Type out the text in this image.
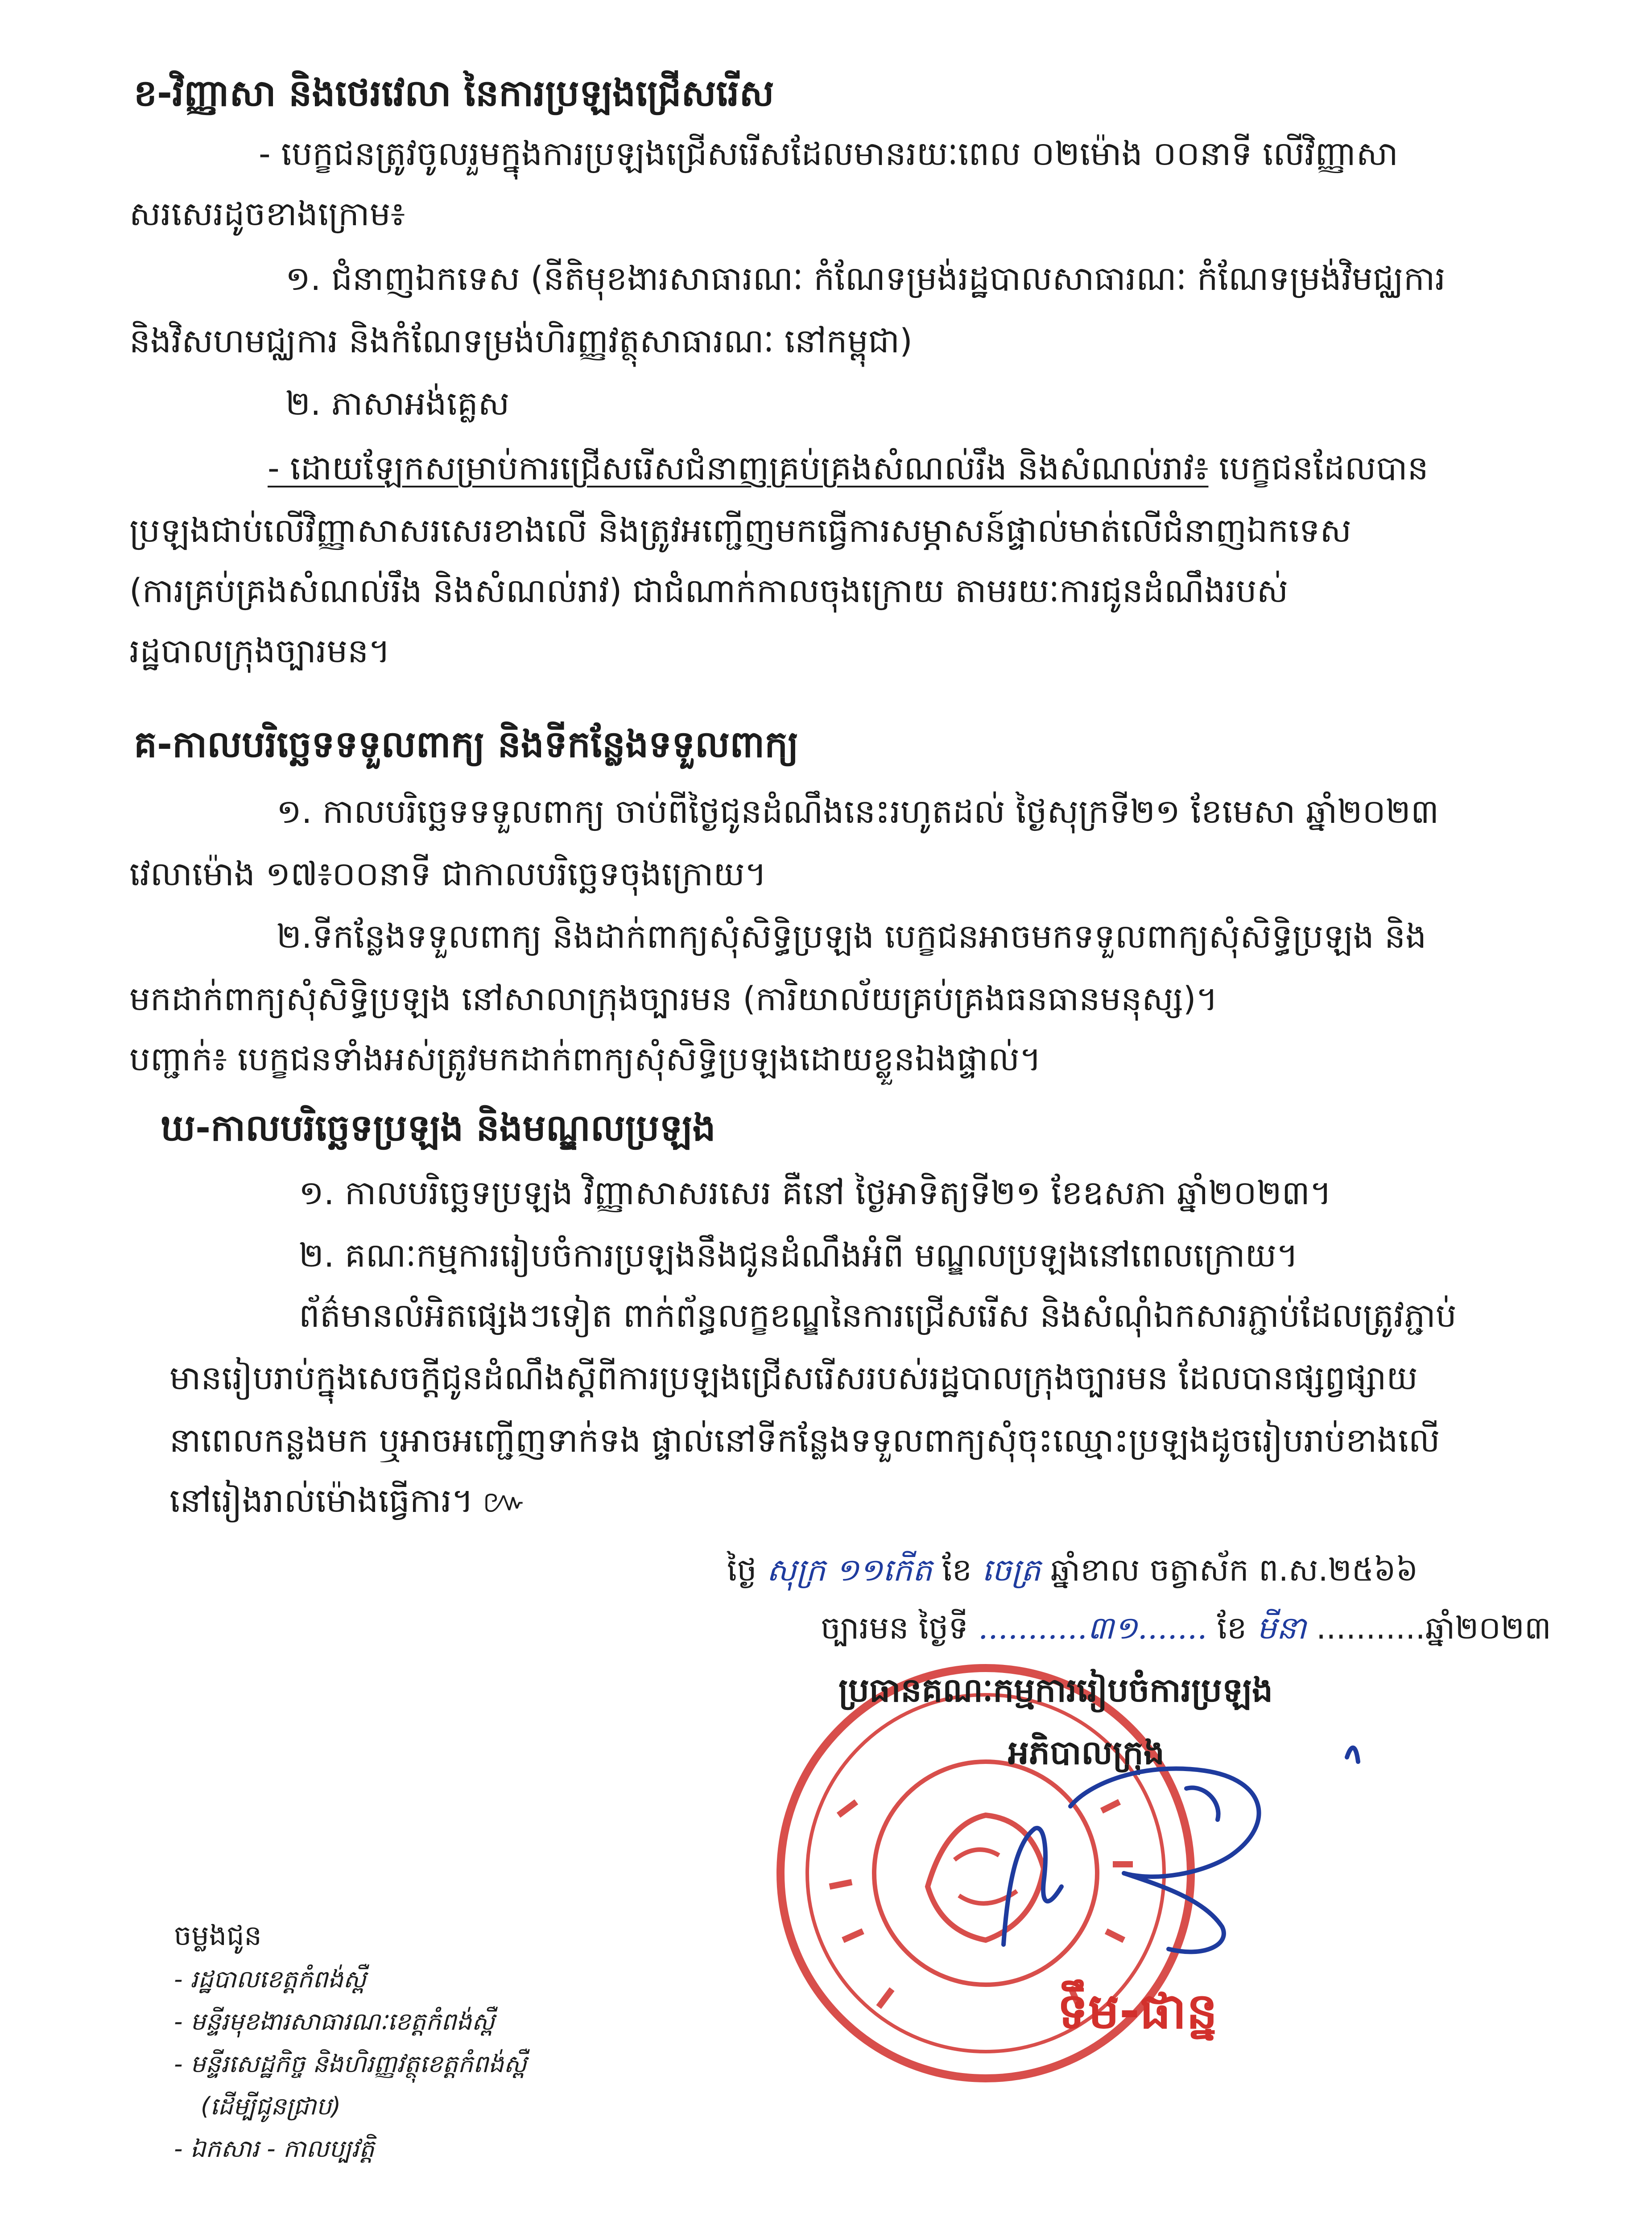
ខ-វិញ្ញាសា និងថេរវេលា នៃការប្រឡងជ្រើសរើស
- បេក្ខជនត្រូវចូលរួមក្នុងការប្រឡងជ្រើសរើសដែលមានរយៈពេល ០២ម៉ោង ០០នាទី លើវិញ្ញាសា
សរសេរដូចខាងក្រោម៖
១. ជំនាញឯកទេស (នីតិមុខងារសាធារណៈ កំណែទម្រង់រដ្ឋបាលសាធារណៈ កំណែទម្រង់វិមជ្ឈការ
និងវិសហមជ្ឈការ និងកំណែទម្រង់ហិរញ្ញវត្ថុសាធារណៈ នៅកម្ពុជា)
២. ភាសាអង់គ្លេស
- ដោយឡែកសម្រាប់ការជ្រើសរើសជំនាញគ្រប់គ្រងសំណល់រឹង និងសំណល់រាវ៖ បេក្ខជនដែលបាន
ប្រឡងជាប់លើវិញ្ញាសាសរសេរខាងលើ និងត្រូវអញ្ជើញមកធ្វើការសម្ភាសន៍ផ្ទាល់មាត់លើជំនាញឯកទេស
(ការគ្រប់គ្រងសំណល់រឹង និងសំណល់រាវ) ជាជំណាក់កាលចុងក្រោយ តាមរយៈការជូនដំណឹងរបស់
រដ្ឋបាលក្រុងច្បារមន។
គ-កាលបរិច្ឆេទទទួលពាក្យ និងទីកន្លែងទទួលពាក្យ
១. កាលបរិច្ឆេទទទួលពាក្យ ចាប់ពីថ្ងៃជូនដំណឹងនេះរហូតដល់ ថ្ងៃសុក្រទី២១ ខែមេសា ឆ្នាំ២០២៣
វេលាម៉ោង ១៧៖០០នាទី ជាកាលបរិច្ឆេទចុងក្រោយ។
២.ទីកន្លែងទទួលពាក្យ និងដាក់ពាក្យសុំសិទ្ធិប្រឡង បេក្ខជនអាចមកទទួលពាក្យសុំសិទ្ធិប្រឡង និង
មកដាក់ពាក្យសុំសិទ្ធិប្រឡង នៅសាលាក្រុងច្បារមន (ការិយាល័យគ្រប់គ្រងធនធានមនុស្ស)។
បញ្ជាក់៖ បេក្ខជនទាំងអស់ត្រូវមកដាក់ពាក្យសុំសិទ្ធិប្រឡងដោយខ្លួនឯងផ្ទាល់។
ឃ-កាលបរិច្ឆេទប្រឡង និងមណ្ឌលប្រឡង
១. កាលបរិច្ឆេទប្រឡង វិញ្ញាសាសរសេរ គឺនៅ ថ្ងៃអាទិត្យទី២១ ខែឧសភា ឆ្នាំ២០២៣។
២. គណៈកម្មការរៀបចំការប្រឡងនឹងជូនដំណឹងអំពី មណ្ឌលប្រឡងនៅពេលក្រោយ។
ព័ត៌មានលំអិតផ្សេងៗទៀត ពាក់ព័ន្ធលក្ខខណ្ឌនៃការជ្រើសរើស និងសំណុំឯកសារភ្ជាប់ដែលត្រូវភ្ជាប់
មានរៀបរាប់ក្នុងសេចក្តីជូនដំណឹងស្តីពីការប្រឡងជ្រើសរើសរបស់រដ្ឋបាលក្រុងច្បារមន ដែលបានផ្សព្វផ្សាយ
នាពេលកន្លងមក ឬអាចអញ្ជើញទាក់ទង ផ្ទាល់នៅទីកន្លែងទទួលពាក្យសុំចុះឈ្មោះប្រឡងដូចរៀបរាប់ខាងលើ
នៅរៀងរាល់ម៉ោងធ្វើការ។ ៚
ថ្ងៃ សុក្រ ១១កើត ខែ ចេត្រ ឆ្នាំខាល ចត្វាស័ក ព.ស.២៥៦៦
ច្បារមន ថ្ងៃទី ...........៣១....... ខែ មីនា ...........ឆ្នាំ២០២៣
ប្រធានគណៈកម្មការរៀបចំការប្រឡង
អភិបាលក្រុង
ទឹម-ផាន្ន
ចម្លងជូន
- រដ្ឋបាលខេត្តកំពង់ស្ពឺ
- មន្ទីរមុខងារសាធារណៈខេត្តកំពង់ស្ពឺ
- មន្ទីរសេដ្ឋកិច្ច និងហិរញ្ញវត្ថុខេត្តកំពង់ស្ពឺ
(ដើម្បីជូនជ្រាប)
- ឯកសារ - កាលប្បវត្តិ
